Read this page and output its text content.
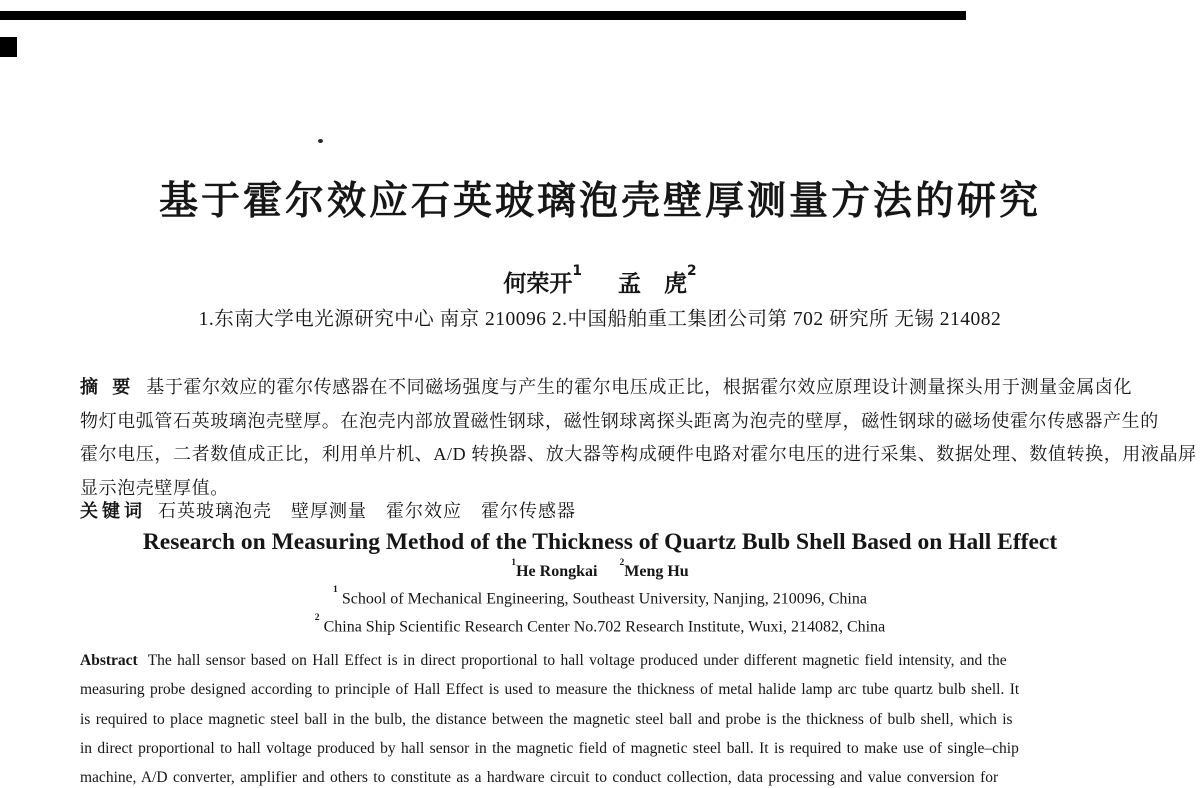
基于霍尔效应石英玻璃泡壳壁厚测量方法的研究
何荣开$^1$ 孟　虎$^2$
1.东南大学电光源研究中心 南京 210096 2.中国船舶重工集团公司第 702 研究所 无锡 214082
摘 要 基于霍尔效应的霍尔传感器在不同磁场强度与产生的霍尔电压成正比，根据霍尔效应原理设计测量探头用于测量金属卤化
物灯电弧管石英玻璃泡壳壁厚。在泡壳内部放置磁性钢球，磁性钢球离探头距离为泡壳的壁厚，磁性钢球的磁场使霍尔传感器产生的
霍尔电压，二者数值成正比，利用单片机、A/D 转换器、放大器等构成硬件电路对霍尔电压的进行采集、数据处理、数值转换，用液晶屏
显示泡壳壁厚值。
关键词 石英玻璃泡壳　壁厚测量　霍尔效应　霍尔传感器
Research on Measuring Method of the Thickness of Quartz Bulb Shell Based on Hall Effect
$^1$He Rongkai $^2$Meng Hu
$^1$ School of Mechanical Engineering, Southeast University, Nanjing, 210096, China
$^2$ China Ship Scientific Research Center No.702 Research Institute, Wuxi, 214082, China
Abstract The hall sensor based on Hall Effect is in direct proportional to hall voltage produced under different magnetic field intensity, and the
measuring probe designed according to principle of Hall Effect is used to measure the thickness of metal halide lamp arc tube quartz bulb shell. It
is required to place magnetic steel ball in the bulb, the distance between the magnetic steel ball and probe is the thickness of bulb shell, which is
in direct proportional to hall voltage produced by hall sensor in the magnetic field of magnetic steel ball. It is required to make use of single–chip
machine, A/D converter, amplifier and others to constitute as a hardware circuit to conduct collection, data processing and value conversion for
